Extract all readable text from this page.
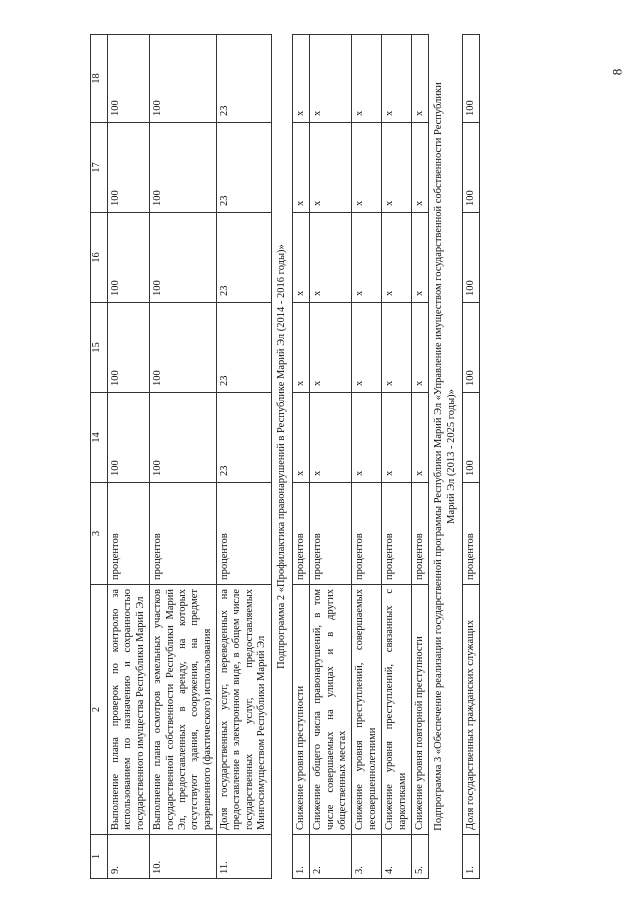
8
1	2	3	14	15	16	17	18
9.	Выполнение плана проверок по контролю за использованием по назначению и сохранностью государственного имущества Республики Марий Эл	процентов	100	100	100	100	100
10.	Выполнение плана осмотров земельных участков государственной собственности Республики Марий Эл, предоставленных в аренду, на которых отсутствуют здания, сооружения, на предмет разрешенного (фактического) использования	процентов	100	100	100	100	100
11.	Доля государственных услуг, переведенных на предоставление в электронном виде, в общем числе государственных услуг, предоставляемых Мингосимуществом Республики Марий Эл	процентов	23	23	23	23	23
Подпрограмма 2 «Профилактика правонарушений в Республике Марий Эл (2014 - 2016 годы)»							
1.	Снижение уровня преступности	процентов	x	x	x	x	x
2.	Снижение общего числа правонарушений, в том числе совершаемых на улицах и в других общественных местах	процентов	x	x	x	x	x
3.	Снижение уровня преступлений, совершаемых несовершеннолетними	процентов	x	x	x	x	x
4.	Снижение уровня преступлений, связанных с наркотиками	процентов	x	x	x	x	x
5.	Снижение уровня повторной преступности	процентов	x	x	x	x	x
Подпрограмма 3 «Обеспечение реализации государственной программы Республики Марий Эл «Управление имуществом государственной собственности Республики Марий Эл (2013 - 2025 годы)»							
1.	Доля государственных гражданских служащих	процентов	100	100	100	100	100
